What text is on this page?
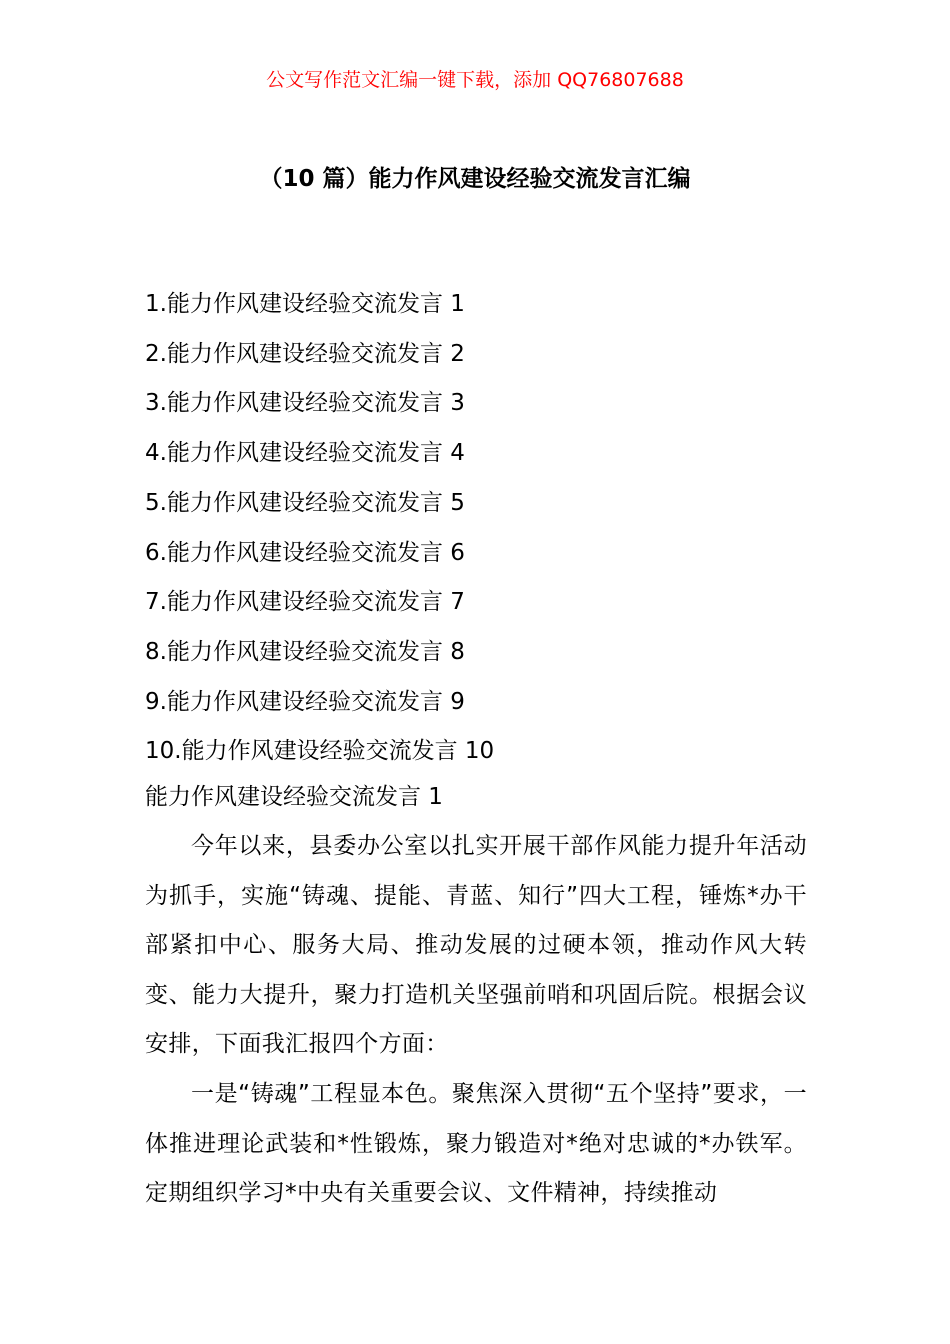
公文写作范文汇编一键下载，添加 QQ76807688
（10 篇）能力作风建设经验交流发言汇编
1.能力作风建设经验交流发言 1
2.能力作风建设经验交流发言 2
3.能力作风建设经验交流发言 3
4.能力作风建设经验交流发言 4
5.能力作风建设经验交流发言 5
6.能力作风建设经验交流发言 6
7.能力作风建设经验交流发言 7
8.能力作风建设经验交流发言 8
9.能力作风建设经验交流发言 9
10.能力作风建设经验交流发言 10
能力作风建设经验交流发言 1

今年以来，县委办公室以扎实开展干部作风能力提升年活动为抓手，实施“铸魂、提能、青蓝、知行”四大工程，锤炼*办干部紧扣中心、服务大局、推动发展的过硬本领，推动作风大转变、能力大提升，聚力打造机关坚强前哨和巩固后院。根据会议安排，下面我汇报四个方面：

一是“铸魂”工程显本色。聚焦深入贯彻“五个坚持”要求，一体推进理论武装和*性锻炼，聚力锻造对*绝对忠诚的*办铁军。定期组织学习*中央有关重要会议、文件精神，持续推动
